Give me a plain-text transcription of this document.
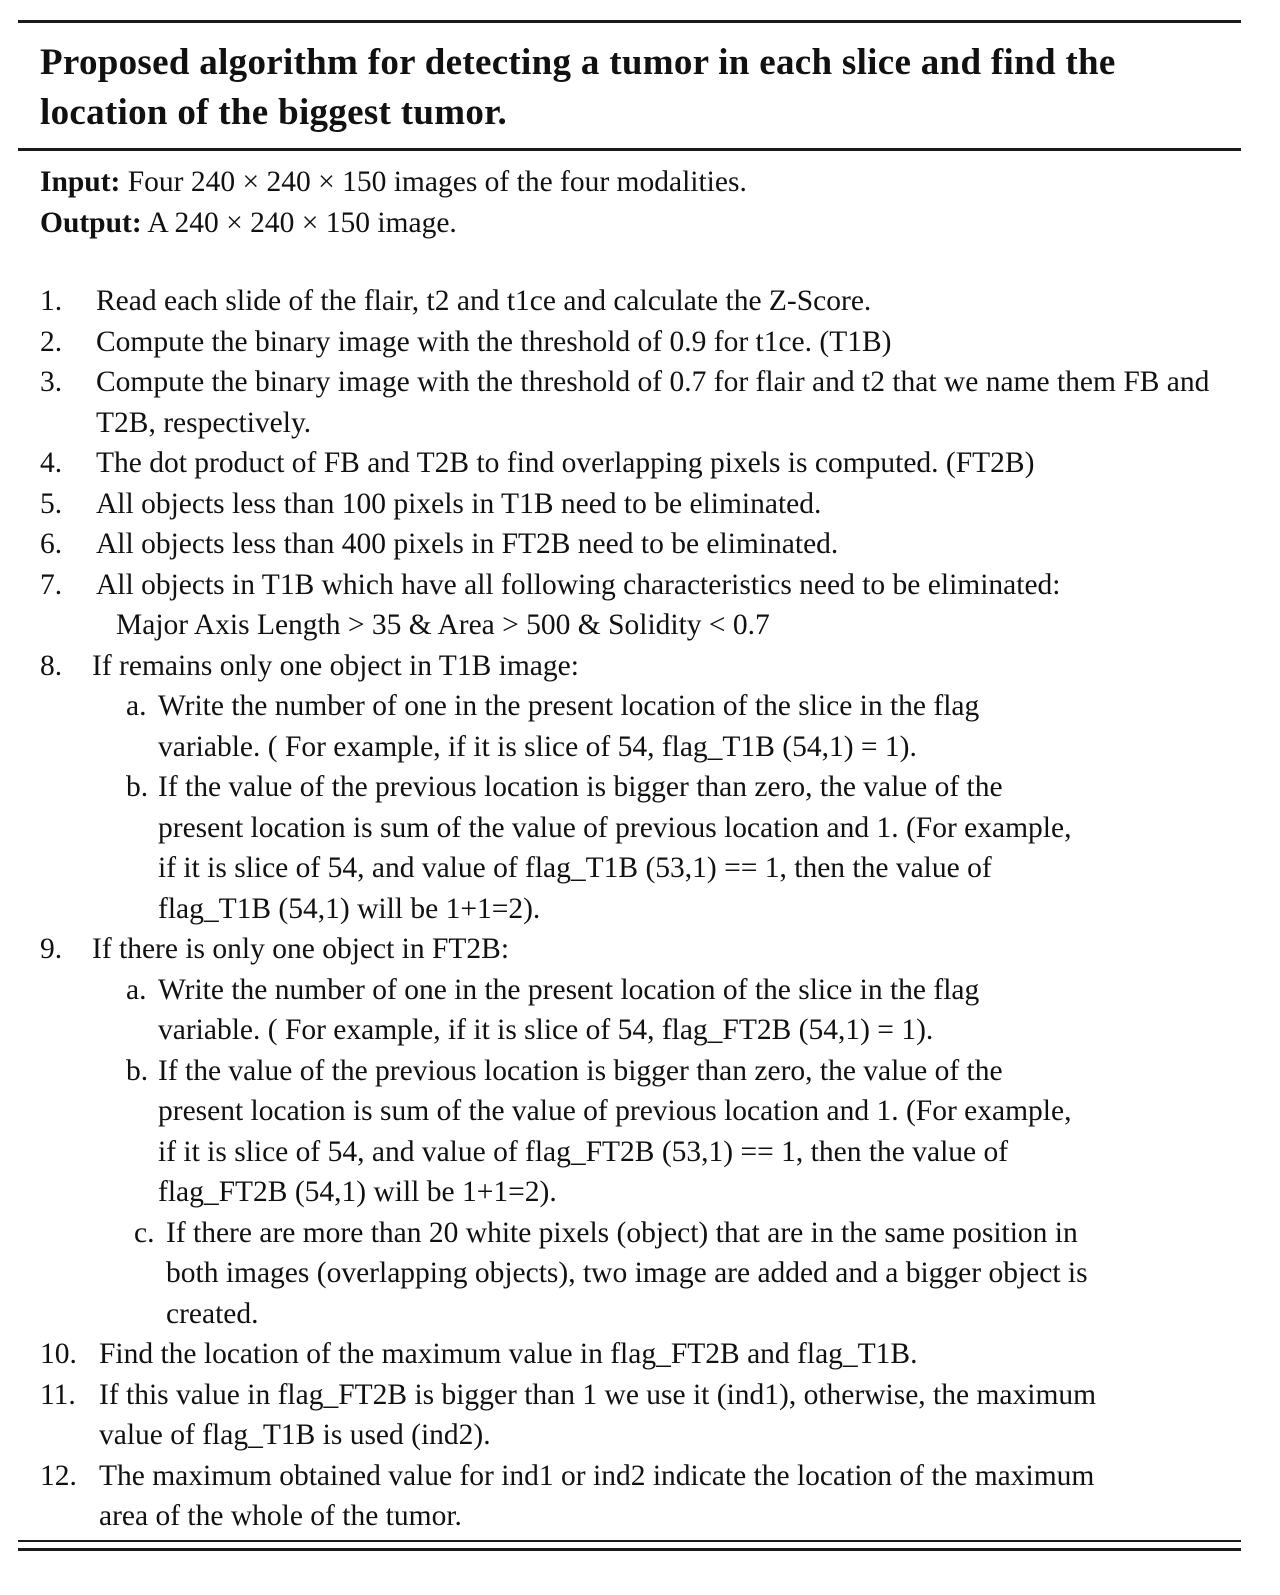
Proposed algorithm for detecting a tumor in each slice and find the location of the biggest tumor.
Input: Four 240 × 240 × 150 images of the four modalities.
Output: A 240 × 240 × 150 image.
1.	Read each slide of the flair, t2 and t1ce and calculate the Z-Score.
2.	Compute the binary image with the threshold of 0.9 for t1ce. (T1B)
3.	Compute the binary image with the threshold of 0.7 for flair and t2 that we name them FB and T2B, respectively.
4.	The dot product of FB and T2B to find overlapping pixels is computed. (FT2B)
5.	All objects less than 100 pixels in T1B need to be eliminated.
6.	All objects less than 400 pixels in FT2B need to be eliminated.
7.	All objects in T1B which have all following characteristics need to be eliminated:
Major Axis Length > 35 & Area > 500 & Solidity < 0.7
8.	If remains only one object in T1B image:
a. Write the number of one in the present location of the slice in the flag variable. ( For example, if it is slice of 54, flag_T1B (54,1) = 1).
b. If the value of the previous location is bigger than zero, the value of the present location is sum of the value of previous location and 1. (For example, if it is slice of 54, and value of flag_T1B (53,1) == 1, then the value of flag_T1B (54,1) will be 1+1=2).
9.	If there is only one object in FT2B:
a. Write the number of one in the present location of the slice in the flag variable. ( For example, if it is slice of 54, flag_FT2B (54,1) = 1).
b. If the value of the previous location is bigger than zero, the value of the present location is sum of the value of previous location and 1. (For example, if it is slice of 54, and value of flag_FT2B (53,1) == 1, then the value of flag_FT2B (54,1) will be 1+1=2).
c. If there are more than 20 white pixels (object) that are in the same position in both images (overlapping objects), two image are added and a bigger object is created.
10. Find the location of the maximum value in flag_FT2B and flag_T1B.
11. If this value in flag_FT2B is bigger than 1 we use it (ind1), otherwise, the maximum value of flag_T1B is used (ind2).
12. The maximum obtained value for ind1 or ind2 indicate the location of the maximum area of the whole of the tumor.
